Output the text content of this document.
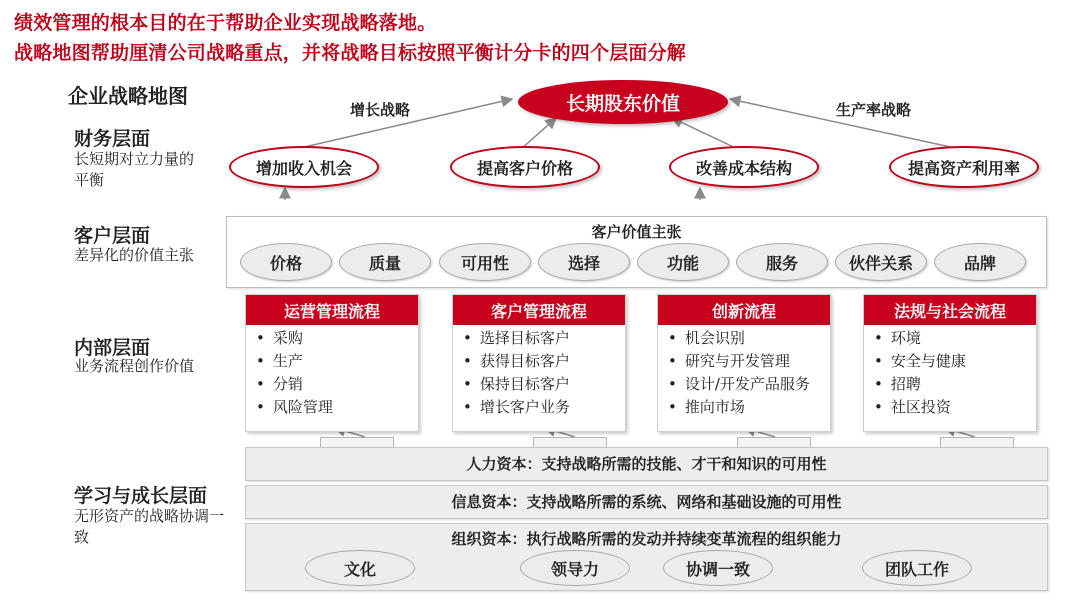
绩效管理的根本目的在于帮助企业实现战略落地。
战略地图帮助厘清公司战略重点，并将战略目标按照平衡计分卡的四个层面分解
企业战略地图
财务层面
长短期对立力量的平衡
客户层面
差异化的价值主张
内部层面
业务流程创作价值
学习与成长层面
无形资产的战略协调一致
长期股东价值
增长战略	生产率战略
增加收入机会	提高客户价格	改善成本结构	提高资产利用率
客户价值主张
价格	质量	可用性	选择	功能	服务	伙伴关系	品牌
运营管理流程
• 采购
• 生产
• 分销
• 风险管理
客户管理流程
• 选择目标客户
• 获得目标客户
• 保持目标客户
• 增长客户业务
创新流程
• 机会识别
• 研究与开发管理
• 设计/开发产品服务
• 推向市场
法规与社会流程
• 环境
• 安全与健康
• 招聘
• 社区投资
人力资本：支持战略所需的技能、才干和知识的可用性
信息资本：支持战略所需的系统、网络和基础设施的可用性
组织资本：执行战略所需的发动并持续变革流程的组织能力
文化	领导力	协调一致	团队工作
